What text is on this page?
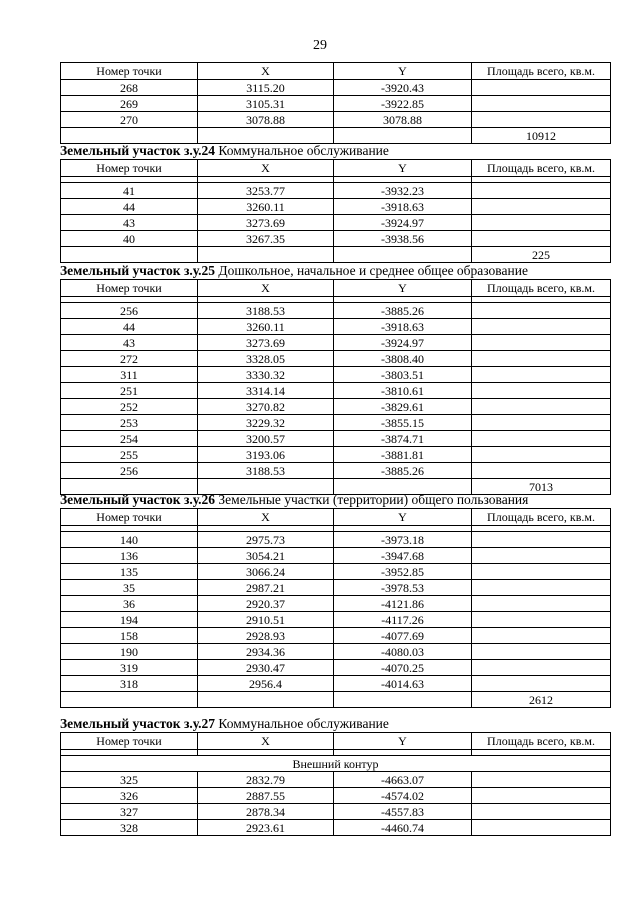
29
Номер точки	X	Y	Площадь всего, кв.м.
268	3115.20	-3920.43	
269	3105.31	-3922.85	
270	3078.88	3078.88	
			10912
Земельный участок з.у.24 Коммунальное обслуживание
Номер точки	X	Y	Площадь всего, кв.м.

41	3253.77	-3932.23	
44	3260.11	-3918.63	
43	3273.69	-3924.97	
40	3267.35	-3938.56	
			225
Земельный участок з.у.25 Дошкольное, начальное и среднее общее образование
Номер точки	X	Y	Площадь всего, кв.м.

256	3188.53	-3885.26	
44	3260.11	-3918.63	
43	3273.69	-3924.97	
272	3328.05	-3808.40	
311	3330.32	-3803.51	
251	3314.14	-3810.61	
252	3270.82	-3829.61	
253	3229.32	-3855.15	
254	3200.57	-3874.71	
255	3193.06	-3881.81	
256	3188.53	-3885.26	
			7013
Земельный участок з.у.26 Земельные участки (территории) общего пользования
Номер точки	X	Y	Площадь всего, кв.м.

140	2975.73	-3973.18	
136	3054.21	-3947.68	
135	3066.24	-3952.85	
35	2987.21	-3978.53	
36	2920.37	-4121.86	
194	2910.51	-4117.26	
158	2928.93	-4077.69	
190	2934.36	-4080.03	
319	2930.47	-4070.25	
318	2956.4	-4014.63	
			2612
Земельный участок з.у.27 Коммунальное обслуживание
Номер точки	X	Y	Площадь всего, кв.м.

Внешний контур			
325	2832.79	-4663.07	
326	2887.55	-4574.02	
327	2878.34	-4557.83	
328	2923.61	-4460.74	
